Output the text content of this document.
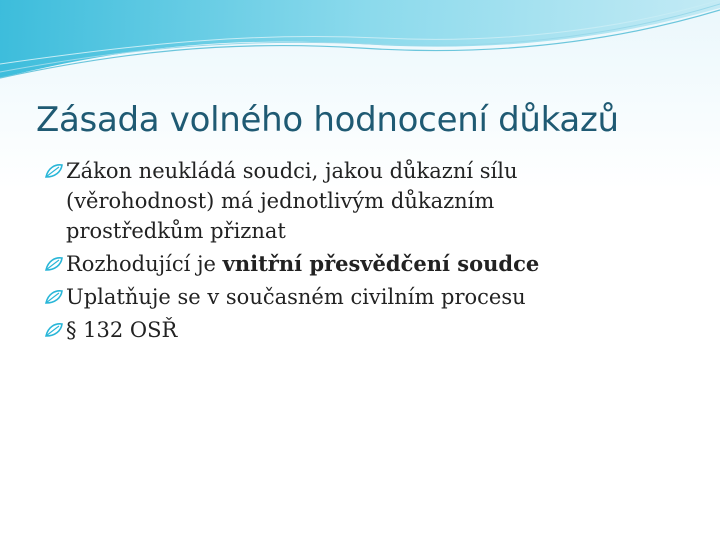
Zásada volného hodnocení důkazů
Zákon neukládá soudci, jakou důkazní sílu
(věrohodnost) má jednotlivým důkazním
prostředkům přiznat
Rozhodující je vnitřní přesvědčení soudce
Uplatňuje se v současném civilním procesu
§ 132 OSŘ
